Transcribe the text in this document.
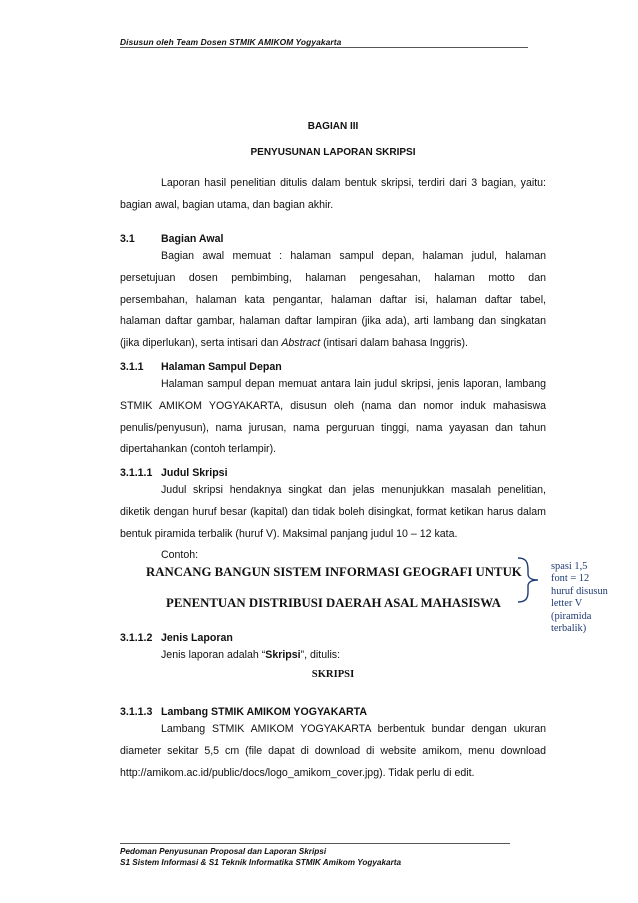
Disusun oleh Team Dosen STMIK AMIKOM Yogyakarta
BAGIAN III
PENYUSUNAN LAPORAN SKRIPSI
Laporan hasil penelitian ditulis dalam bentuk skripsi, terdiri dari 3 bagian, yaitu:
bagian awal, bagian utama, dan bagian akhir.
3.1 Bagian Awal
Bagian awal memuat : halaman sampul depan, halaman judul, halaman
persetujuan dosen pembimbing, halaman pengesahan, halaman motto dan
persembahan, halaman kata pengantar, halaman daftar isi, halaman daftar tabel,
halaman daftar gambar, halaman daftar lampiran (jika ada), arti lambang dan singkatan
(jika diperlukan), serta intisari dan Abstract (intisari dalam bahasa Inggris).
3.1.1 Halaman Sampul Depan
Halaman sampul depan memuat antara lain judul skripsi, jenis laporan, lambang
STMIK AMIKOM YOGYAKARTA, disusun oleh (nama dan nomor induk mahasiswa
penulis/penyusun), nama jurusan, nama perguruan tinggi, nama yayasan dan tahun
dipertahankan (contoh terlampir).
3.1.1.1 Judul Skripsi
Judul skripsi hendaknya singkat dan jelas menunjukkan masalah penelitian,
diketik dengan huruf besar (kapital) dan tidak boleh disingkat, format ketikan harus dalam
bentuk piramida terbalik (huruf V). Maksimal panjang judul 10 – 12 kata.
Contoh:
RANCANG BANGUN SISTEM INFORMASI GEOGRAFI UNTUK
PENENTUAN DISTRIBUSI DAERAH ASAL MAHASISWA
spasi 1,5
font = 12
huruf disusun
letter V
(piramida
terbalik)
3.1.1.2 Jenis Laporan
Jenis laporan adalah “Skripsi”, ditulis:
SKRIPSI
3.1.1.3 Lambang STMIK AMIKOM YOGYAKARTA
Lambang STMIK AMIKOM YOGYAKARTA berbentuk bundar dengan ukuran
diameter sekitar 5,5 cm (file dapat di download di website amikom, menu download
http://amikom.ac.id/public/docs/logo_amikom_cover.jpg). Tidak perlu di edit.
Pedoman Penyusunan Proposal dan Laporan Skripsi
S1 Sistem Informasi & S1 Teknik Informatika STMIK Amikom Yogyakarta
